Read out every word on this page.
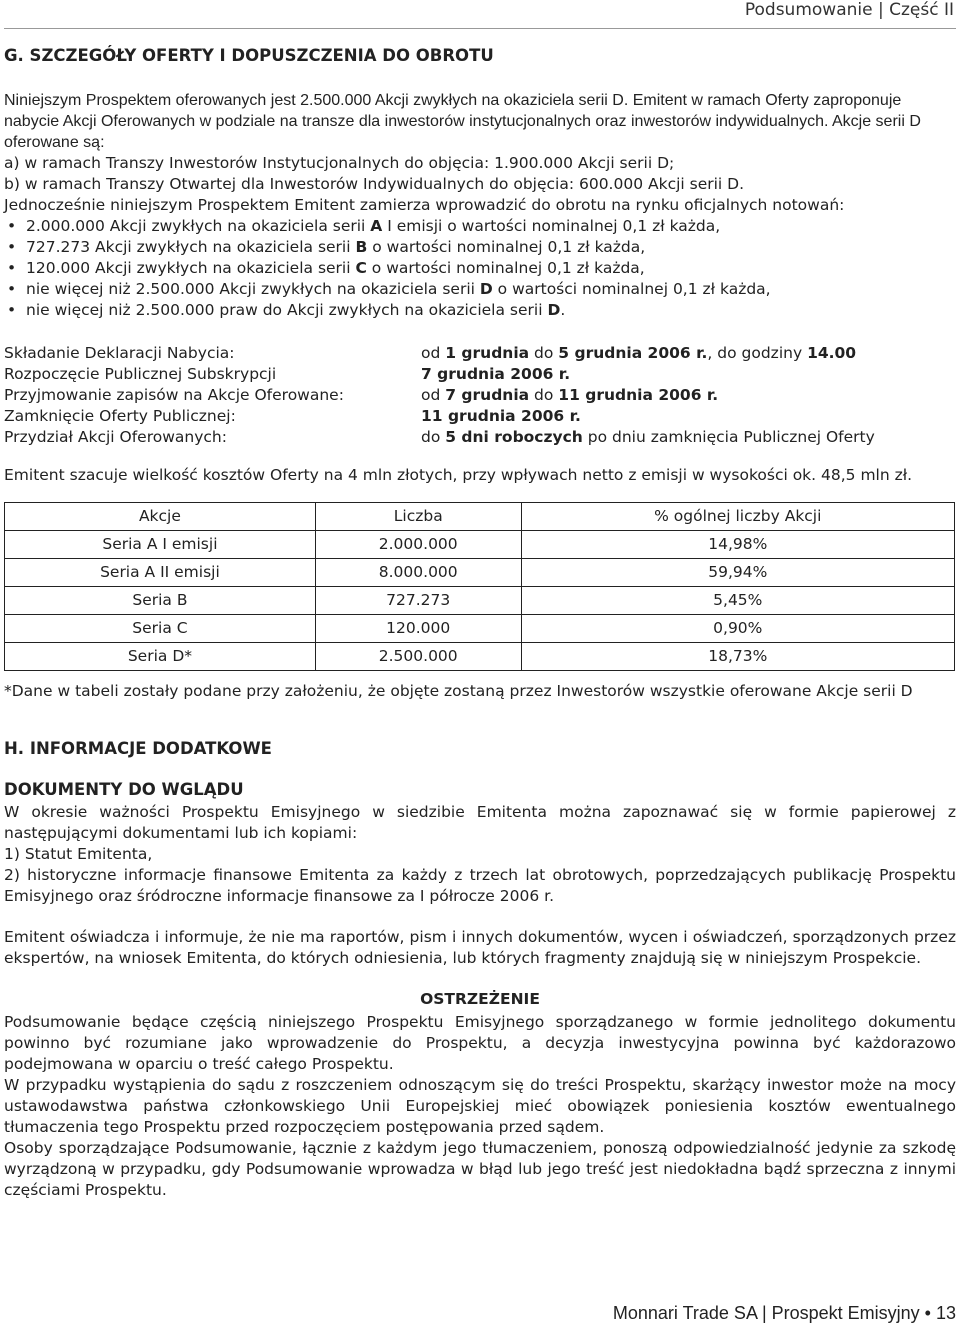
Podsumowanie | Część II
G. SZCZEGÓŁY OFERTY I DOPUSZCZENIA DO OBROTU

Niniejszym Prospektem oferowanych jest 2.500.000 Akcji zwykłych na okaziciela serii D. Emitent w ramach Oferty zaproponuje nabycie Akcji Oferowanych w podziale na transze dla inwestorów instytucjonalnych oraz inwestorów indywidualnych. Akcje serii D oferowane są:

a) w ramach Transzy Inwestorów Instytucjonalnych do objęcia: 1.900.000 Akcji serii D;

b) w ramach Transzy Otwartej dla Inwestorów Indywidualnych do objęcia: 600.000 Akcji serii D.

Jednocześnie niniejszym Prospektem Emitent zamierza wprowadzić do obrotu na rynku oficjalnych notowań:

• 2.000.000 Akcji zwykłych na okaziciela serii A I emisji o wartości nominalnej 0,1 zł każda,
• 727.273 Akcji zwykłych na okaziciela serii B o wartości nominalnej 0,1 zł każda,
• 120.000 Akcji zwykłych na okaziciela serii C o wartości nominalnej 0,1 zł każda,
• nie więcej niż 2.500.000 Akcji zwykłych na okaziciela serii D o wartości nominalnej 0,1 zł każda,
• nie więcej niż 2.500.000 praw do Akcji zwykłych na okaziciela serii D.
Składanie Deklaracji Nabycia:	od 1 grudnia do 5 grudnia 2006 r., do godziny 14.00
Rozpoczęcie Publicznej Subskrypcji	7 grudnia 2006 r.
Przyjmowanie zapisów na Akcje Oferowane:	od 7 grudnia do 11 grudnia 2006 r.
Zamknięcie Oferty Publicznej:	11 grudnia 2006 r.
Przydział Akcji Oferowanych:	do 5 dni roboczych po dniu zamknięcia Publicznej Oferty

Emitent szacuje wielkość kosztów Oferty na 4 mln złotych, przy wpływach netto z emisji w wysokości ok. 48,5 mln zł.

Akcje	Liczba	% ogólnej liczby Akcji
Seria A I emisji	2.000.000	14,98%
Seria A II emisji	8.000.000	59,94%
Seria B	727.273	5,45%
Seria C	120.000	0,90%
Seria D*	2.500.000	18,73%

*Dane w tabeli zostały podane przy założeniu, że objęte zostaną przez Inwestorów wszystkie oferowane Akcje serii D

H. INFORMACJE DODATKOWE
DOKUMENTY DO WGLĄDU

W okresie ważności Prospektu Emisyjnego w siedzibie Emitenta można zapoznawać się w formie papierowej z następującymi dokumentami lub ich kopiami:

1) Statut Emitenta,

2) historyczne informacje finansowe Emitenta za każdy z trzech lat obrotowych, poprzedzających publikację Prospektu Emisyjnego oraz śródroczne informacje finansowe za I półrocze 2006 r.

Emitent oświadcza i informuje, że nie ma raportów, pism i innych dokumentów, wycen i oświadczeń, sporządzonych przez ekspertów, na wniosek Emitenta, do których odniesienia, lub których fragmenty znajdują się w niniejszym Prospekcie.

OSTRZEŻENIE

Podsumowanie będące częścią niniejszego Prospektu Emisyjnego sporządzanego w formie jednolitego dokumentu powinno być rozumiane jako wprowadzenie do Prospektu, a decyzja inwestycyjna powinna być każdorazowo podejmowana w oparciu o treść całego Prospektu.

W przypadku wystąpienia do sądu z roszczeniem odnoszącym się do treści Prospektu, skarżący inwestor może na mocy ustawodawstwa państwa członkowskiego Unii Europejskiej mieć obowiązek poniesienia kosztów ewentualnego tłumaczenia tego Prospektu przed rozpoczęciem postępowania przed sądem.

Osoby sporządzające Podsumowanie, łącznie z każdym jego tłumaczeniem, ponoszą odpowiedzialność jedynie za szkodę wyrządzoną w przypadku, gdy Podsumowanie wprowadza w błąd lub jego treść jest niedokładna bądź sprzeczna z innymi częściami Prospektu.

Monnari Trade SA | Prospekt Emisyjny • 13
